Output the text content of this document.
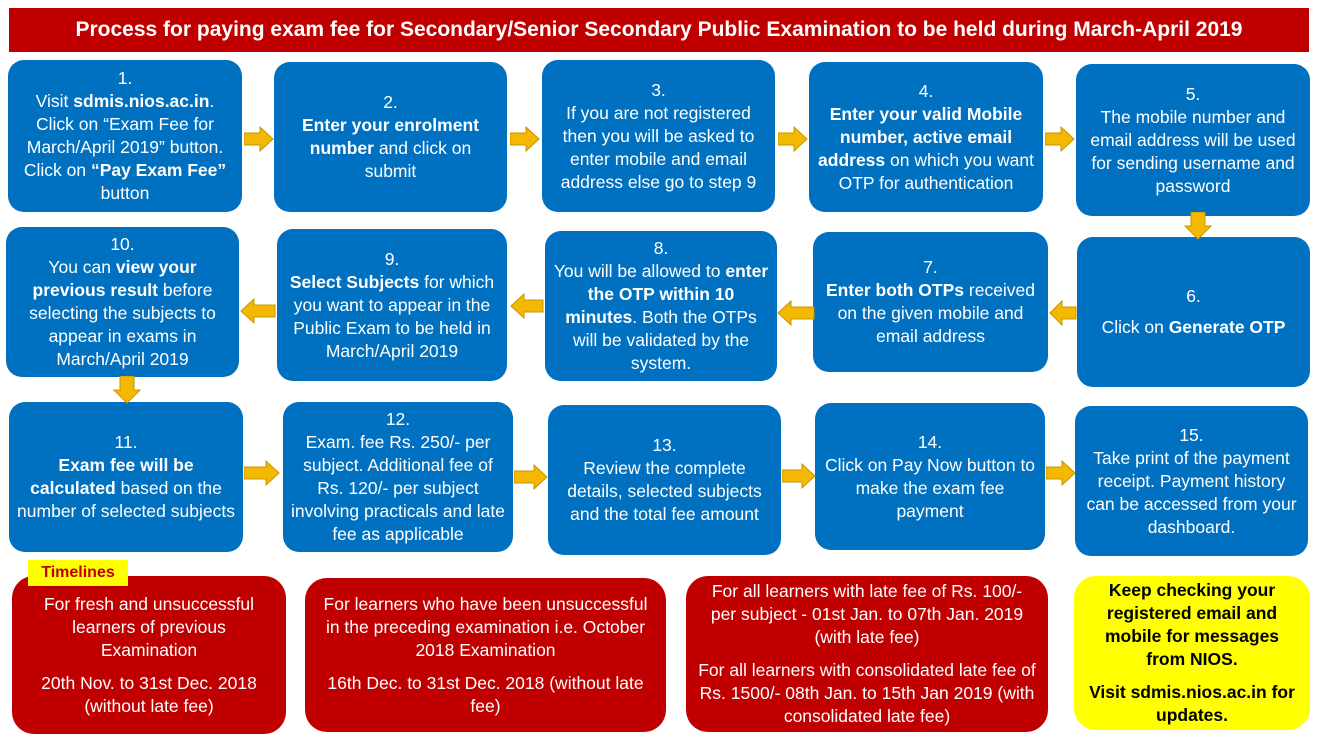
Process for paying exam fee for Secondary/Senior Secondary Public Examination to be held during March-April 2019
1.
Visit sdmis.nios.ac.in. Click on “Exam Fee for March/April 2019” button. Click on “Pay Exam Fee” button
2.
Enter your enrolment number and click on submit
3.
If you are not registered then you will be asked to enter mobile and email address else go to step 9
4.
Enter your valid Mobile number, active email address on which you want OTP for authentication
5.
The mobile number and email address will be used for sending username and password
10.
You can view your previous result before selecting the subjects to appear in exams in March/April 2019
9.
Select Subjects for which you want to appear in the Public Exam to be held in March/April 2019
8.
You will be allowed to enter the OTP within 10 minutes. Both the OTPs will be validated by the system.
7.
Enter both OTPs received on the given mobile and email address
6.
Click on Generate OTP
11.
Exam fee will be calculated based on the number of selected subjects
12.
Exam. fee Rs. 250/- per subject. Additional fee of Rs. 120/- per subject involving practicals and late fee as applicable
13.
Review the complete details, selected subjects and the total fee amount
14.
Click on Pay Now button to make the exam fee payment
15.
Take print of the payment receipt. Payment history can be accessed from your dashboard.

For fresh and unsuccessful learners of previous Examination

20th Nov. to 31st Dec. 2018 (without late fee)

Timelines

For learners who have been unsuccessful in the preceding examination i.e. October 2018 Examination

16th Dec. to 31st Dec. 2018 (without late fee)

For all learners with late fee of Rs. 100/- per subject - 01st Jan. to 07th Jan. 2019 (with late fee)

For all learners with consolidated late fee of Rs. 1500/- 08th Jan. to 15th Jan 2019 (with consolidated late fee)

Keep checking your registered email and mobile for messages from NIOS.

Visit sdmis.nios.ac.in for updates.
